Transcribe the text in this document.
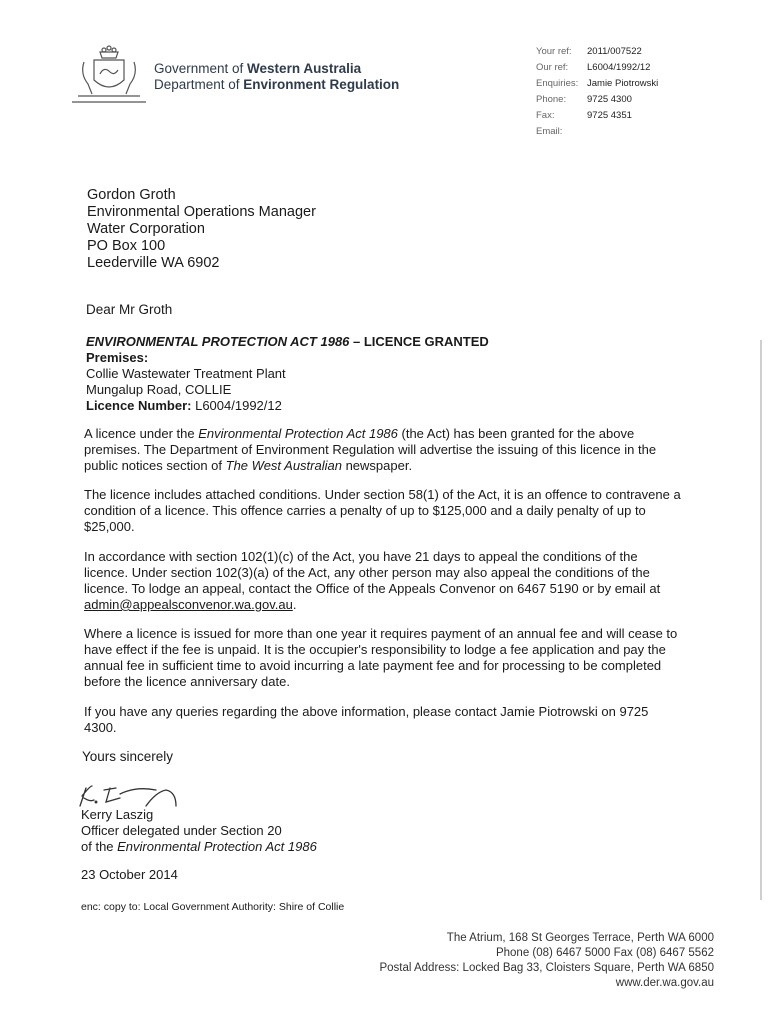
Government of Western Australia
Department of Environment Regulation
Your ref:	2011/007522
Our ref:	L6004/1992/12
Enquiries: Jamie Piotrowski
Phone:	9725 4300
Fax:	9725 4351
Email:
Gordon Groth
Environmental Operations Manager
Water Corporation
PO Box 100
Leederville WA 6902
Dear Mr Groth
ENVIRONMENTAL PROTECTION ACT 1986 – LICENCE GRANTED
Premises:
Collie Wastewater Treatment Plant
Mungalup Road, COLLIE
Licence Number: L6004/1992/12
A licence under the Environmental Protection Act 1986 (the Act) has been granted for the above premises. The Department of Environment Regulation will advertise the issuing of this licence in the public notices section of The West Australian newspaper.
The licence includes attached conditions. Under section 58(1) of the Act, it is an offence to contravene a condition of a licence. This offence carries a penalty of up to $125,000 and a daily penalty of up to $25,000.
In accordance with section 102(1)(c) of the Act, you have 21 days to appeal the conditions of the licence. Under section 102(3)(a) of the Act, any other person may also appeal the conditions of the licence. To lodge an appeal, contact the Office of the Appeals Convenor on 6467 5190 or by email at admin@appealsconvenor.wa.gov.au.
Where a licence is issued for more than one year it requires payment of an annual fee and will cease to have effect if the fee is unpaid. It is the occupier's responsibility to lodge a fee application and pay the annual fee in sufficient time to avoid incurring a late payment fee and for processing to be completed before the licence anniversary date.
If you have any queries regarding the above information, please contact Jamie Piotrowski on 9725 4300.
Yours sincerely
Kerry Laszig
Officer delegated under Section 20
of the Environmental Protection Act 1986
23 October 2014
enc: copy to: Local Government Authority: Shire of Collie
The Atrium, 168 St Georges Terrace, Perth WA 6000
Phone (08) 6467 5000 Fax (08) 6467 5562
Postal Address: Locked Bag 33, Cloisters Square, Perth WA 6850
www.der.wa.gov.au
